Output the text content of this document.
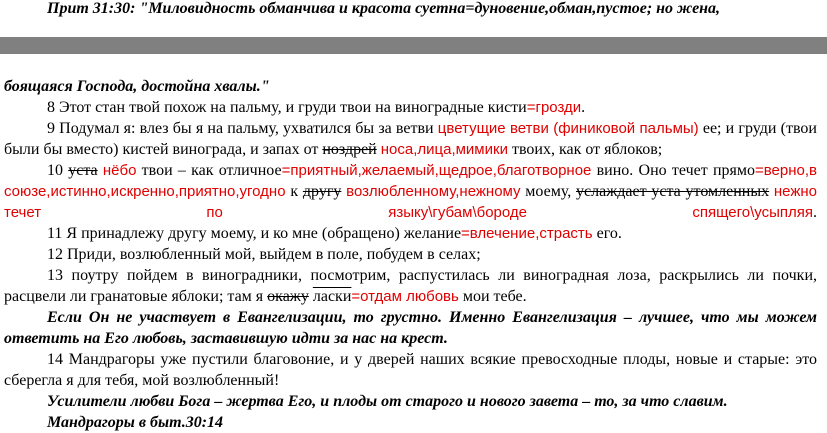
Прит 31:30: "Миловидность обманчива и красота суетна=дуновение,обман,пустое; но жена,

боящаяся Господа, достойна хвалы."

8 Этот стан твой похож на пальму, и груди твои на виноградные кисти=грозди.

9 Подумал я: влез бы я на пальму, ухватился бы за ветви цветущие ветви (финиковой пальмы) ее; и груди (твои были бы вместо) кистей винограда, и запах от ноздрей носа,лица,мимики твоих, как от яблоков;

10 уста нёбо твои – как отличное=приятный,желаемый,щедрое,благотворное вино. Оно течет прямо=верно,в союзе,истинно,искренно,приятно,угодно к другу возлюбленному,нежному моему, услаждает уста утомленных нежно течет по языку\губам\бороде спящего\усыпляя.

11 Я принадлежу другу моему, и ко мне (обращено) желание=влечение,страсть его.

12 Приди, возлюбленный мой, выйдем в поле, побудем в селах;

13 поутру пойдем в виноградники, посмотрим, распустилась ли виноградная лоза, раскрылись ли почки, расцвели ли гранатовые яблоки; там я окажу ласки=отдам любовь мои тебе.

Если Он не участвует в Евангелизации, то грустно. Именно Евангелизация – лучшее, что мы можем ответить на Его любовь, заставившую идти за нас на крест.

14 Мандрагоры уже пустили благовоние, и у дверей наших всякие превосходные плоды, новые и старые: это сберегла я для тебя, мой возлюбленный!

Усилители любви Бога – жертва Его, и плоды от старого и нового завета – то, за что славим.

Мандрагоры в быт.30:14
